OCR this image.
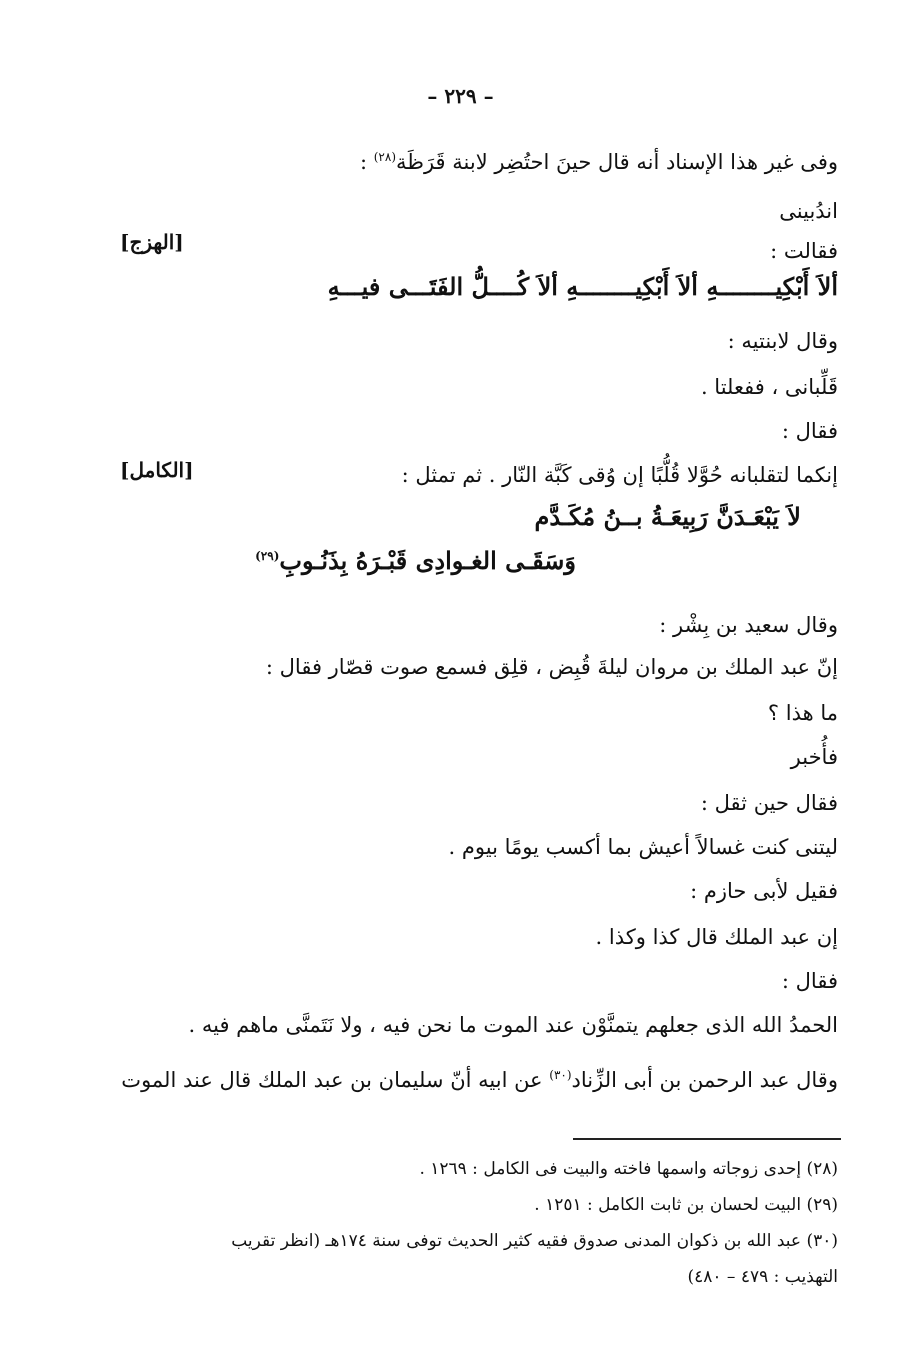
– ٢٢٩ –
وفى غير هذا الإسناد أنه قال حينَ احتُضِر لابنة قَرَظَة$^{(٢٨)}$ :
اندُبينى
[الهزج]	فقالت :
ألاَ أَبْكِيــــــــهِ ألاَ أَبْكِيــــــــهِ ألاَ كُــــلُّ الفَتَـــى فيـــهِ
وقال لابنتيه :
قَلِّبانى ، ففعلتا .
فقال :
[الكامل]	إنكما لتقلبانه حُوَّلا قُلُّبًا إن وُقى كَبَّة النّار . ثم تمثل :
لاَ يَبْعَـدَنَّ رَبِيعَـةُ بــنُ مُكَـدَّم
وَسَقَـى الغـوادِى قَبْـرَهُ بِذَنُـوبِ$^{(٢٩)}$
وقال سعيد بن بِشْر :
إنّ عبد الملك بن مروان ليلةَ قُبِض ، قلِق فسمع صوت قصّار فقال :
ما هذا ؟
فأُخبر
فقال حين ثقل :
ليتنى كنت غسالاً أعيش بما أكسب يومًا بيوم .
فقيل لأبى حازم :
إن عبد الملك قال كذا وكذا .
فقال :
الحمدُ الله الذى جعلهم يتمنَّوْن عند الموت ما نحن فيه ، ولا نَتَمنَّى ماهم فيه .
وقال عبد الرحمن بن أبى الزِّناد$^{(٣٠)}$ عن ابيه أنّ سليمان بن عبد الملك قال عند الموت
(٢٨) إحدى زوجاته واسمها فاخته والبيت فى الكامل : ١٢٦٩ .
(٢٩) البيت لحسان بن ثابت الكامل : ١٢٥١ .
(٣٠) عبد الله بن ذكوان المدنى صدوق فقيه كثير الحديث توفى سنة ١٧٤هـ (انظر تقريب
التهذيب : ٤٧٩ – ٤٨٠)
